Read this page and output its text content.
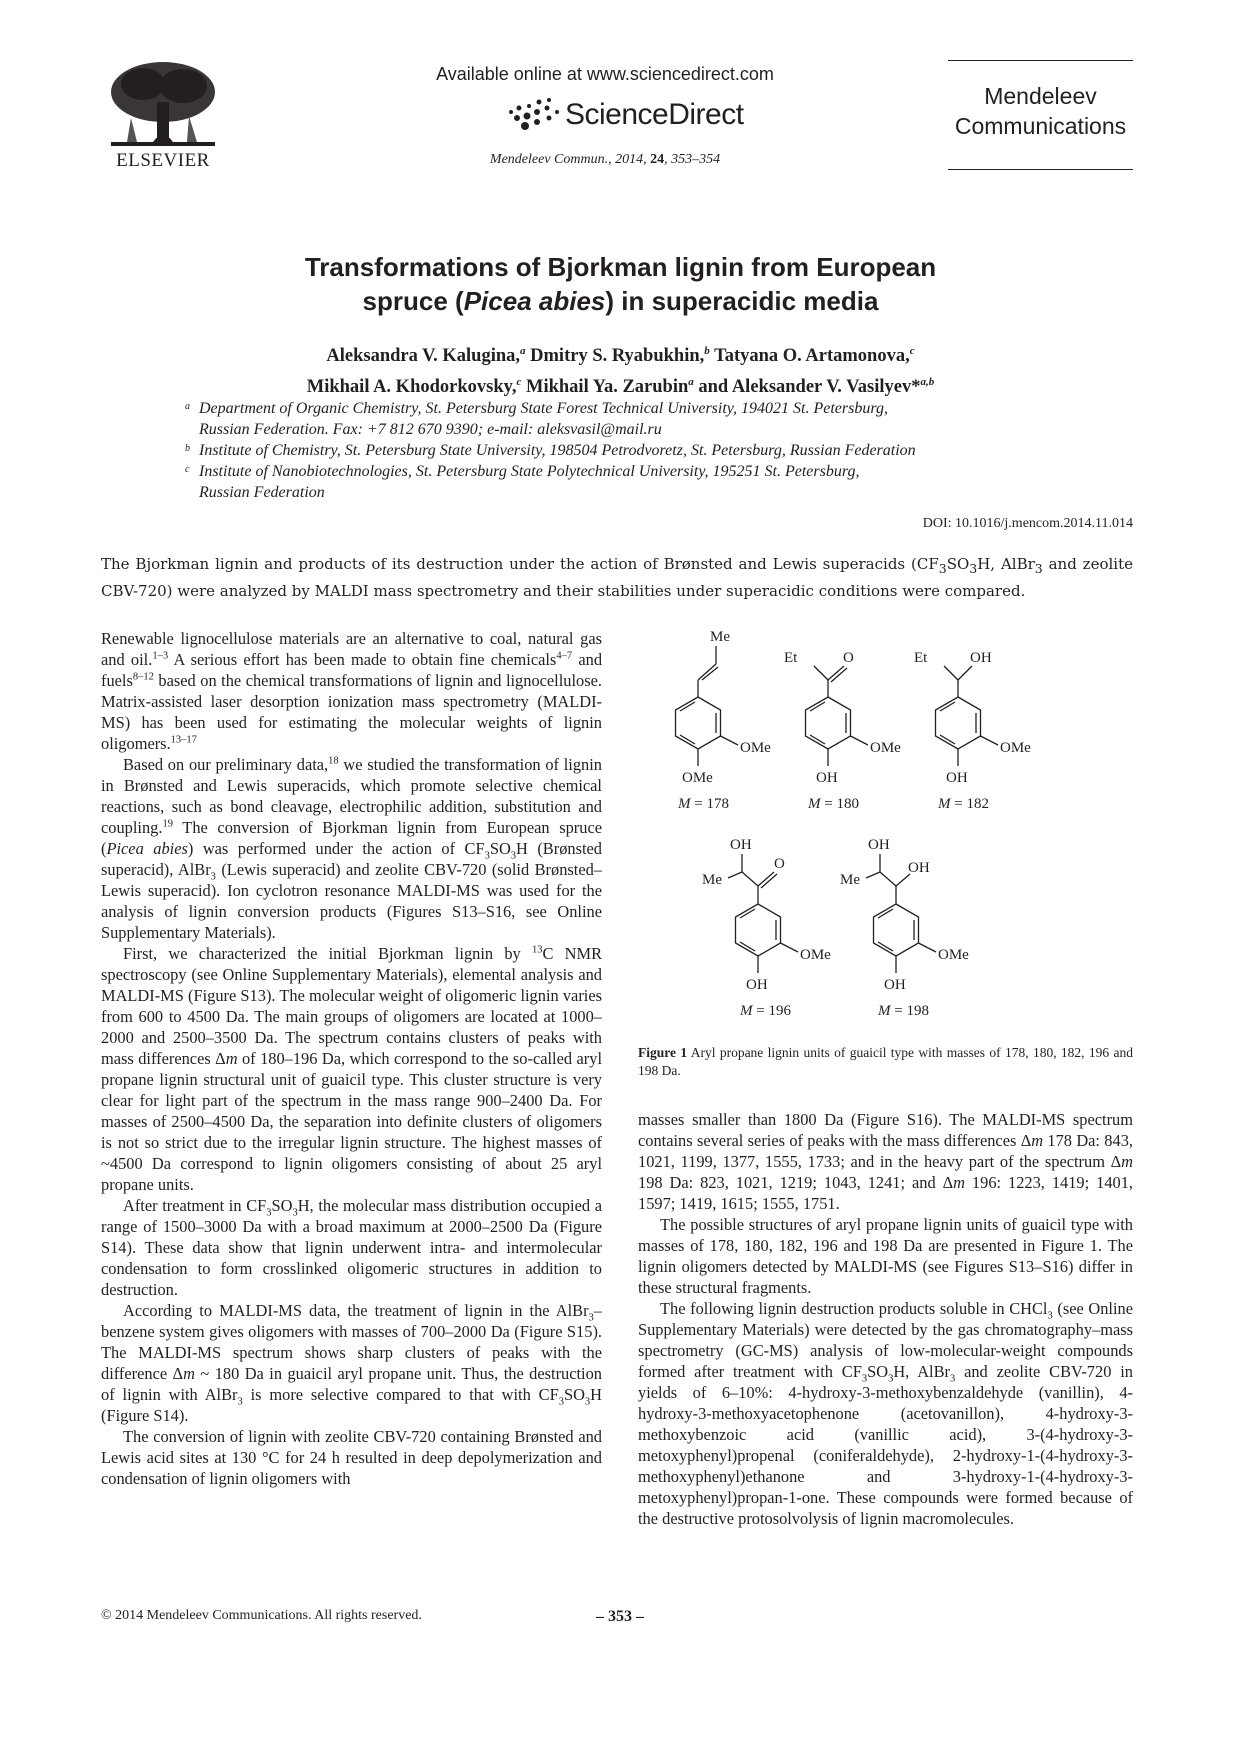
ELSEVIER
Available online at www.sciencedirect.com
ScienceDirect
Mendeleev Commun., 2014, 24, 353–354
Mendeleev
Communications
Transformations of Bjorkman lignin from European
spruce (Picea abies) in superacidic media
Aleksandra V. Kalugina,$^a$ Dmitry S. Ryabukhin,$^b$ Tatyana O. Artamonova,$^c$
Mikhail A. Khodorkovsky,$^c$ Mikhail Ya. Zarubin$^a$ and Aleksander V. Vasilyev*$^{a,b}$
a Department of Organic Chemistry, St. Petersburg State Forest Technical University, 194021 St. Petersburg,
Russian Federation. Fax: +7 812 670 9390; e-mail: aleksvasil@mail.ru
b Institute of Chemistry, St. Petersburg State University, 198504 Petrodvoretz, St. Petersburg, Russian Federation
c Institute of Nanobiotechnologies, St. Petersburg State Polytechnical University, 195251 St. Petersburg,
Russian Federation
DOI: 10.1016/j.mencom.2014.11.014
The Bjorkman lignin and products of its destruction under the action of Brønsted and Lewis superacids ($CF_3SO_3H$, AlBr$_3$ and zeolite CBV-720) were analyzed by MALDI mass spectrometry and their stabilities under superacidic conditions were compared.

Renewable lignocellulose materials are an alternative to coal, natural gas and oil.$^{1-3}$ A serious effort has been made to obtain fine chemicals$^{4-7}$ and fuels$^{8-12}$ based on the chemical transformations of lignin and lignocellulose. Matrix-assisted laser desorption ionization mass spectrometry (MALDI-MS) has been used for estimating the molecular weights of lignin oligomers.$^{13-17}$

Based on our preliminary data,$^{18}$ we studied the transformation of lignin in Brønsted and Lewis superacids, which promote selective chemical reactions, such as bond cleavage, electrophilic addition, substitution and coupling.$^{19}$ The conversion of Bjorkman lignin from European spruce (Picea abies) was performed under the action of $CF_3SO_3H$ (Brønsted superacid), AlBr$_3$ (Lewis superacid) and zeolite CBV-720 (solid Brønsted–Lewis superacid). Ion cyclotron resonance MALDI-MS was used for the analysis of lignin conversion products (Figures S13–S16, see Online Supplementary Materials).

First, we characterized the initial Bjorkman lignin by $^{13}$C NMR spectroscopy (see Online Supplementary Materials), elemental analysis and MALDI-MS (Figure S13). The molecular weight of oligomeric lignin varies from 600 to 4500 Da. The main groups of oligomers are located at 1000–2000 and 2500–3500 Da. The spectrum contains clusters of peaks with mass differences Δm of 180–196 Da, which correspond to the so-called aryl propane lignin structural unit of guaicil type. This cluster structure is very clear for light part of the spectrum in the mass range 900–2400 Da. For masses of 2500–4500 Da, the separation into definite clusters of oligomers is not so strict due to the irregular lignin structure. The highest masses of ~4500 Da correspond to lignin oligomers consisting of about 25 aryl propane units.

After treatment in $CF_3SO_3H$, the molecular mass distribution occupied a range of 1500–3000 Da with a broad maximum at 2000–2500 Da (Figure S14). These data show that lignin underwent intra- and intermolecular condensation to form crosslinked oligomeric structures in addition to destruction.

According to MALDI-MS data, the treatment of lignin in the AlBr$_3$–benzene system gives oligomers with masses of 700–2000 Da (Figure S15). The MALDI-MS spectrum shows sharp clusters of peaks with the difference Δm ~ 180 Da in guaicil aryl propane unit. Thus, the destruction of lignin with AlBr$_3$ is more selective compared to that with $CF_3SO_3H$ (Figure S14).

The conversion of lignin with zeolite CBV-720 containing Brønsted and Lewis acid sites at 130 °C for 24 h resulted in deep depolymerization and condensation of lignin oligomers with

Me
OMe
OMe
M = 178
Et	O
OMe
OH
M = 180
Et	OH
OMe
OH
M = 182
OH
Me
O
OMe
OH
M = 196
OH
Me
OH
OMe
OH
M = 198
Figure 1 Aryl propane lignin units of guaicil type with masses of 178, 180, 182, 196 and 198 Da.

masses smaller than 1800 Da (Figure S16). The MALDI-MS spectrum contains several series of peaks with the mass differences Δm 178 Da: 843, 1021, 1199, 1377, 1555, 1733; and in the heavy part of the spectrum Δm 198 Da: 823, 1021, 1219; 1043, 1241; and Δm 196: 1223, 1419; 1401, 1597; 1419, 1615; 1555, 1751.

The possible structures of aryl propane lignin units of guaicil type with masses of 178, 180, 182, 196 and 198 Da are presented in Figure 1. The lignin oligomers detected by MALDI-MS (see Figures S13–S16) differ in these structural fragments.

The following lignin destruction products soluble in CHCl$_3$ (see Online Supplementary Materials) were detected by the gas chromatography–mass spectrometry (GC-MS) analysis of low-molecular-weight compounds formed after treatment with $CF_3SO_3H$, AlBr$_3$ and zeolite CBV-720 in yields of 6–10%: 4-hydroxy-3-methoxybenzaldehyde (vanillin), 4-hydroxy-3-methoxyacetophenone (acetovanillon), 4-hydroxy-3-methoxybenzoic acid (vanillic acid), 3-(4-hydroxy-3-metoxyphenyl)propenal (coniferaldehyde), 2-hydroxy-1-(4-hydroxy-3-methoxyphenyl)ethanone and 3-hydroxy-1-(4-hydroxy-3-metoxyphenyl)propan-1-one. These compounds were formed because of the destructive protosolvolysis of lignin macromolecules.

© 2014 Mendeleev Communications. All rights reserved.	– 353 –
